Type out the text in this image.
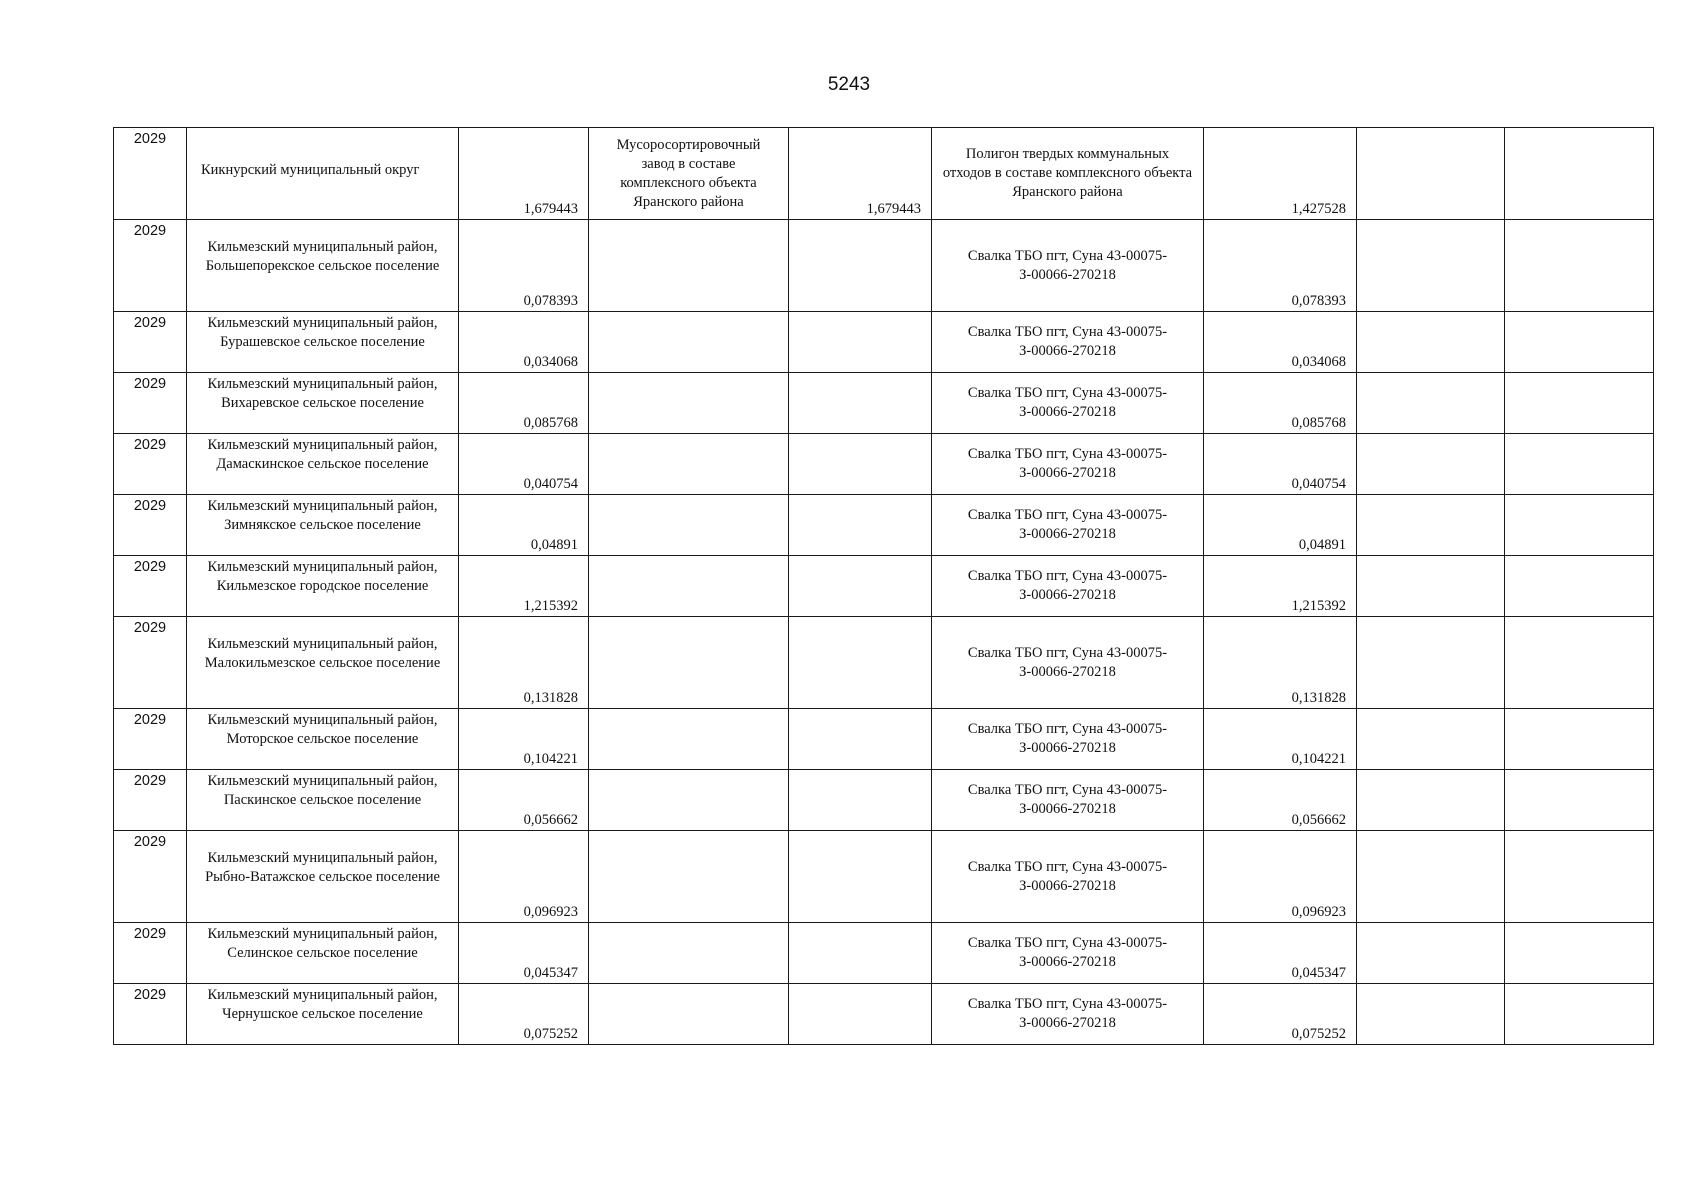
5243
2029	Кикнурский муниципальный округ	1,679443	Мусоросортировочный завод в составе комплексного объекта Яранского района	1,679443	Полигон твердых коммунальных отходов в составе комплексного объекта Яранского района	1,427528		

2029	Кильмезский муниципальный район, Большепорекское сельское поселение	0,078393			Свалка ТБО пгт, Суна 43-00075-З-00066-270218	0,078393		

2029	Кильмезский муниципальный район, Бурашевское сельское поселение	0,034068			Свалка ТБО пгт, Суна 43-00075-З-00066-270218	0,034068		

2029	Кильмезский муниципальный район, Вихаревское сельское поселение	0,085768			Свалка ТБО пгт, Суна 43-00075-З-00066-270218	0,085768		

2029	Кильмезский муниципальный район, Дамаскинское сельское поселение	0,040754			Свалка ТБО пгт, Суна 43-00075-З-00066-270218	0,040754		

2029	Кильмезский муниципальный район, Зимнякское сельское поселение	0,04891			Свалка ТБО пгт, Суна 43-00075-З-00066-270218	0,04891		

2029	Кильмезский муниципальный район, Кильмезское городское поселение	1,215392			Свалка ТБО пгт, Суна 43-00075-З-00066-270218	1,215392		

2029	Кильмезский муниципальный район, Малокильмезское сельское поселение	0,131828			Свалка ТБО пгт, Суна 43-00075-З-00066-270218	0,131828		

2029	Кильмезский муниципальный район, Моторское сельское поселение	0,104221			Свалка ТБО пгт, Суна 43-00075-З-00066-270218	0,104221		

2029	Кильмезский муниципальный район, Паскинское сельское поселение	0,056662			Свалка ТБО пгт, Суна 43-00075-З-00066-270218	0,056662		

2029	Кильмезский муниципальный район, Рыбно-Ватажское сельское поселение	0,096923			Свалка ТБО пгт, Суна 43-00075-З-00066-270218	0,096923		

2029	Кильмезский муниципальный район, Селинское сельское поселение	0,045347			Свалка ТБО пгт, Суна 43-00075-З-00066-270218	0,045347		

2029	Кильмезский муниципальный район, Чернушское сельское поселение	0,075252			Свалка ТБО пгт, Суна 43-00075-З-00066-270218	0,075252		
